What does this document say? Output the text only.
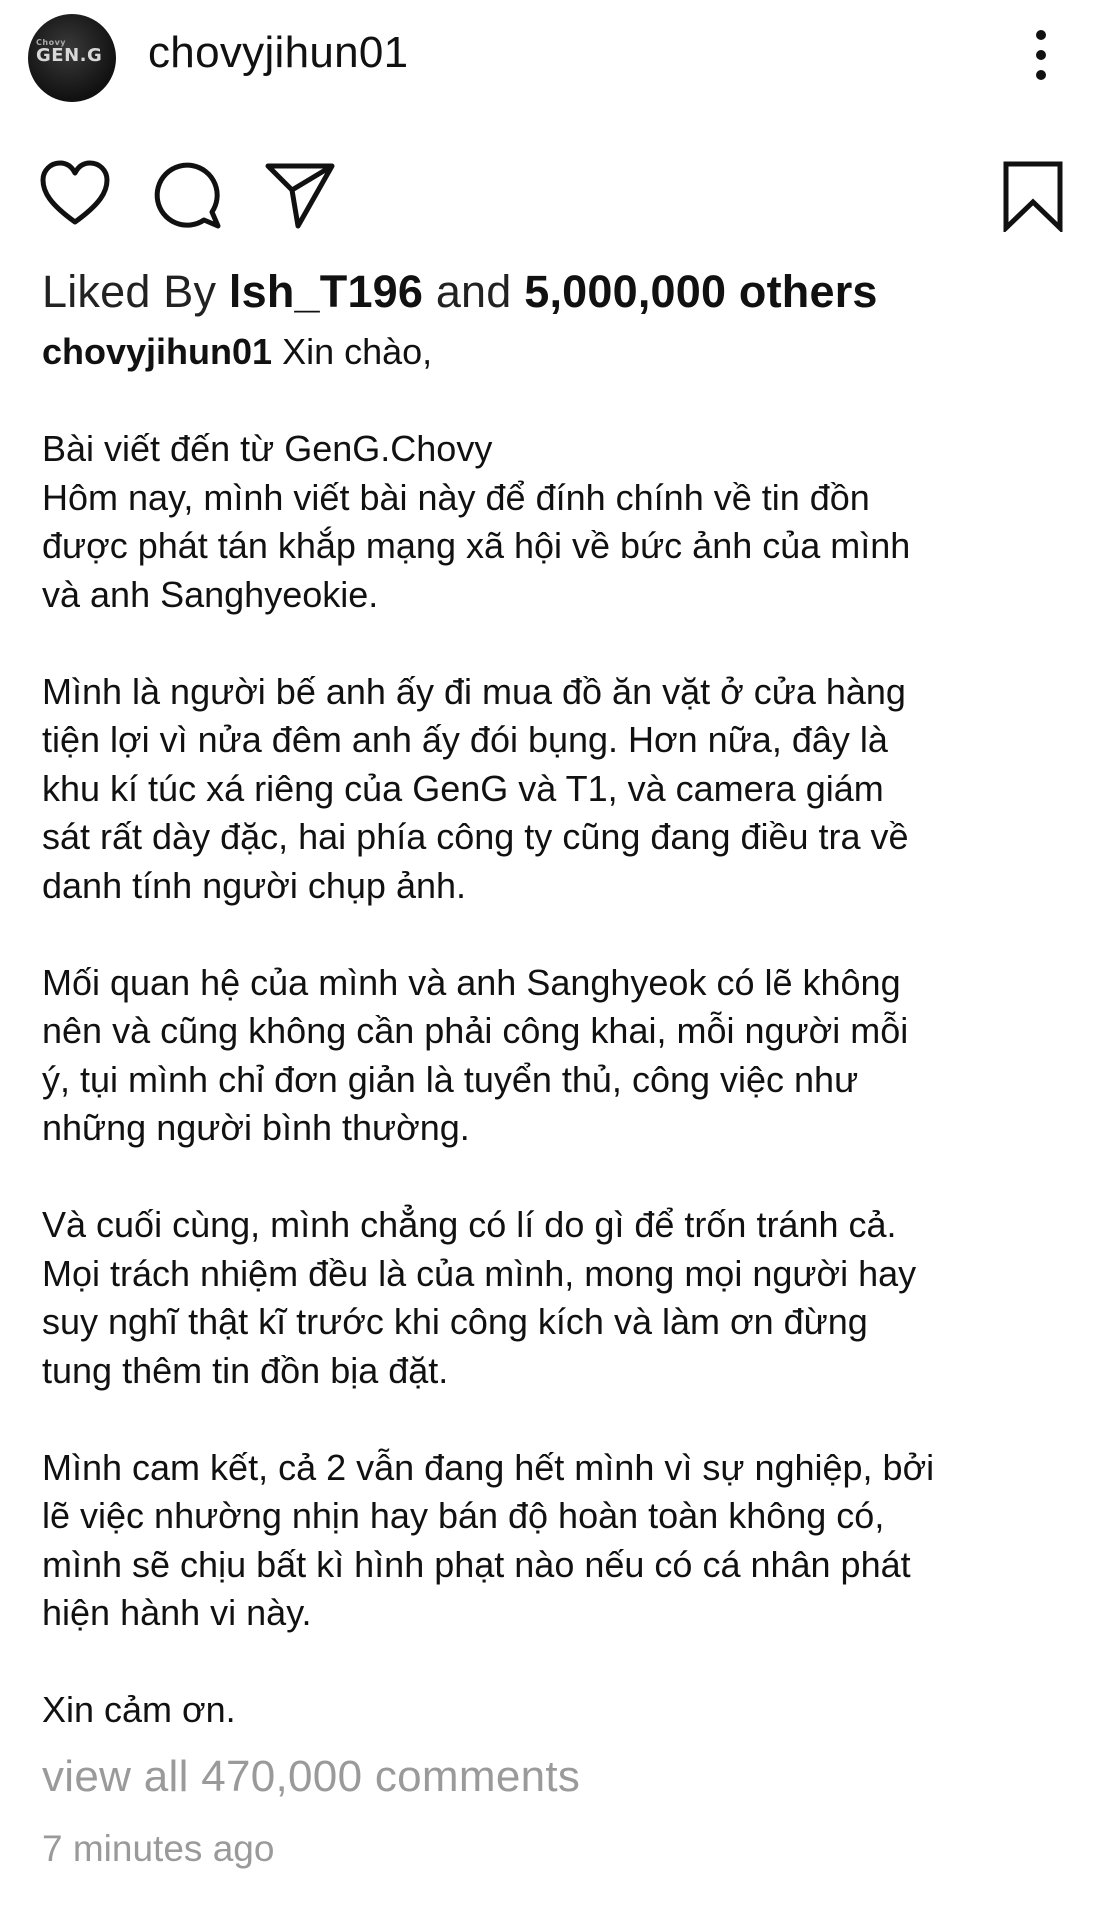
Chovy
GEN.G chovyjihun01
Liked By lsh_T196 and 5,000,000 others

chovyjihun01 Xin chào,

Bài viết đến từ GenG.Chovy

Hôm nay, mình viết bài này để đính chính về tin đồn

được phát tán khắp mạng xã hội về bức ảnh của mình

và anh Sanghyeokie.

Mình là người bế anh ấy đi mua đồ ăn vặt ở cửa hàng

tiện lợi vì nửa đêm anh ấy đói bụng. Hơn nữa, đây là

khu kí túc xá riêng của GenG và T1, và camera giám

sát rất dày đặc, hai phía công ty cũng đang điều tra về

danh tính người chụp ảnh.

Mối quan hệ của mình và anh Sanghyeok có lẽ không

nên và cũng không cần phải công khai, mỗi người mỗi

ý, tụi mình chỉ đơn giản là tuyển thủ, công việc như

những người bình thường.

Và cuối cùng, mình chẳng có lí do gì để trốn tránh cả.

Mọi trách nhiệm đều là của mình, mong mọi người hay

suy nghĩ thật kĩ trước khi công kích và làm ơn đừng

tung thêm tin đồn bịa đặt.

Mình cam kết, cả 2 vẫn đang hết mình vì sự nghiệp, bởi

lẽ việc nhường nhịn hay bán độ hoàn toàn không có,

mình sẽ chịu bất kì hình phạt nào nếu có cá nhân phát

hiện hành vi này.

Xin cảm ơn.

view all 470,000 comments
7 minutes ago
